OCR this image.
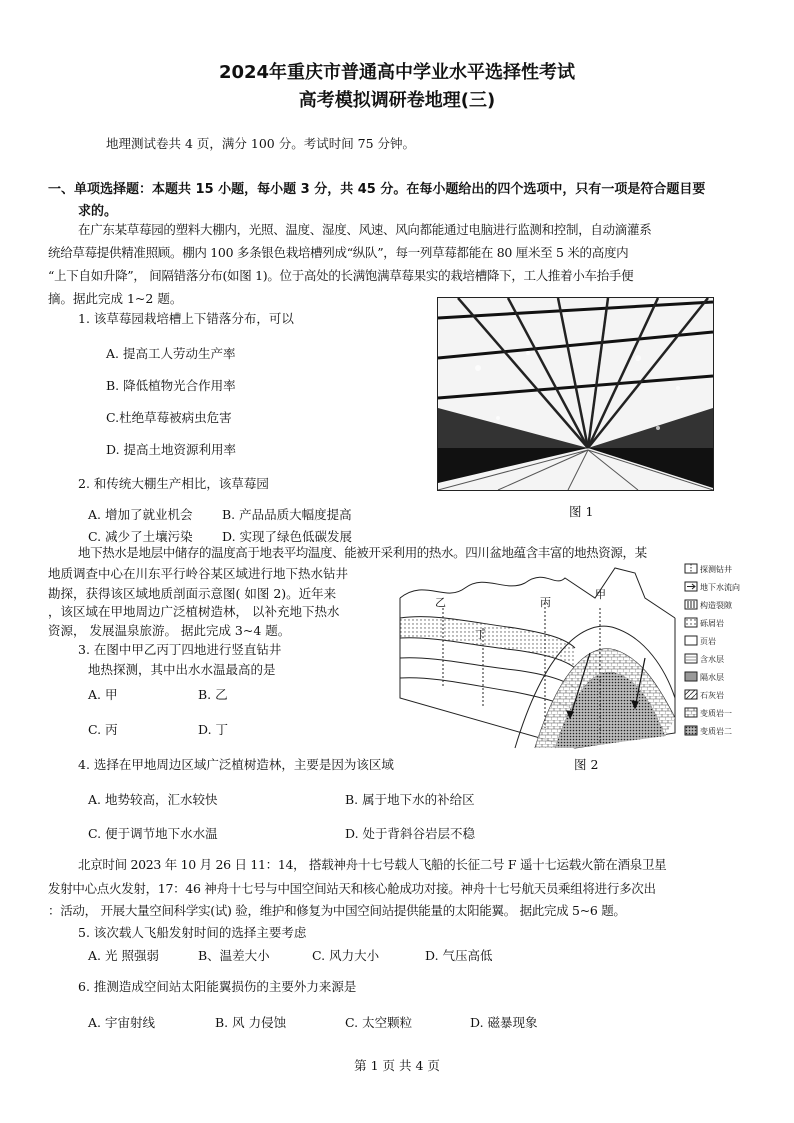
2024年重庆市普通高中学业水平选择性考试
高考模拟调研卷地理(三)
地理测试卷共 4 页，满分 100 分。考试时间 75 分钟。
一、单项选择题：本题共 15 小题，每小题 3 分，共 45 分。在每小题给出的四个选项中，只有一项是符合题目要
求的。
在广东某草莓园的塑料大棚内，光照、温度、湿度、风速、风向都能通过电脑进行监测和控制，自动滴灌系
统给草莓提供精准照顾。棚内 100 多条银色栽培槽列成“纵队”，每一列草莓都能在 80 厘米至 5 米的高度内
“上下自如升降”， 间隔错落分布(如图 1)。位于高处的长满饱满草莓果实的栽培槽降下，工人推着小车抬手便
摘。据此完成 1~2 题。
1. 该草莓园栽培槽上下错落分布，可以
A. 提高工人劳动生产率
B. 降低植物光合作用率
C.杜绝草莓被病虫危害
D. 提高土地资源利用率
图 1
2. 和传统大棚生产相比，该草莓园
A. 增加了就业机会 B. 产品品质大幅度提高
C. 减少了土壤污染 D. 实现了绿色低碳发展
地下热水是地层中储存的温度高于地表平均温度、能被开采利用的热水。四川盆地蕴含丰富的地热资源，某
地质调查中心在川东平行岭谷某区域进行地下热水钻井
勘探，获得该区域地质剖面示意图( 如图 2)。近年来
，该区域在甲地周边广泛植树造林， 以补充地下热水
资源， 发展温泉旅游。 据此完成 3~4 题。
3. 在图中甲乙丙丁四地进行竖直钻井
地热探测，其中出水水温最高的是
A. 甲	B. 乙
C. 丙	D. 丁
甲
乙	丙
丁
探测钻井
地下水流向
构造裂隙
砾屑岩
页岩
含水层
隔水层
石灰岩
变质岩一
变质岩二
图 2
4. 选择在甲地周边区域广泛植树造林，主要是因为该区域
A. 地势较高，汇水较快	B. 属于地下水的补给区
C. 便于调节地下水水温	D. 处于背斜谷岩层不稳
北京时间 2023 年 10 月 26 日 11：14， 搭载神舟十七号载人飞船的长征二号 F 遥十七运载火箭在酒泉卫星
发射中心点火发射，17：46 神舟十七号与中国空间站天和核心舱成功对接。神舟十七号航天员乘组将进行多次出
：活动， 开展大量空间科学实(试) 验，维护和修复为中国空间站提供能量的太阳能翼。 据此完成 5~6 题。
5. 该次载人飞船发射时间的选择主要考虑
A. 光 照强弱	B、温差大小	C. 风力大小	D. 气压高低
6. 推测造成空间站太阳能翼损伤的主要外力来源是
A. 宇宙射线	B. 风 力侵蚀	C. 太空颗粒	D. 磁暴现象
第 1 页 共 4 页
